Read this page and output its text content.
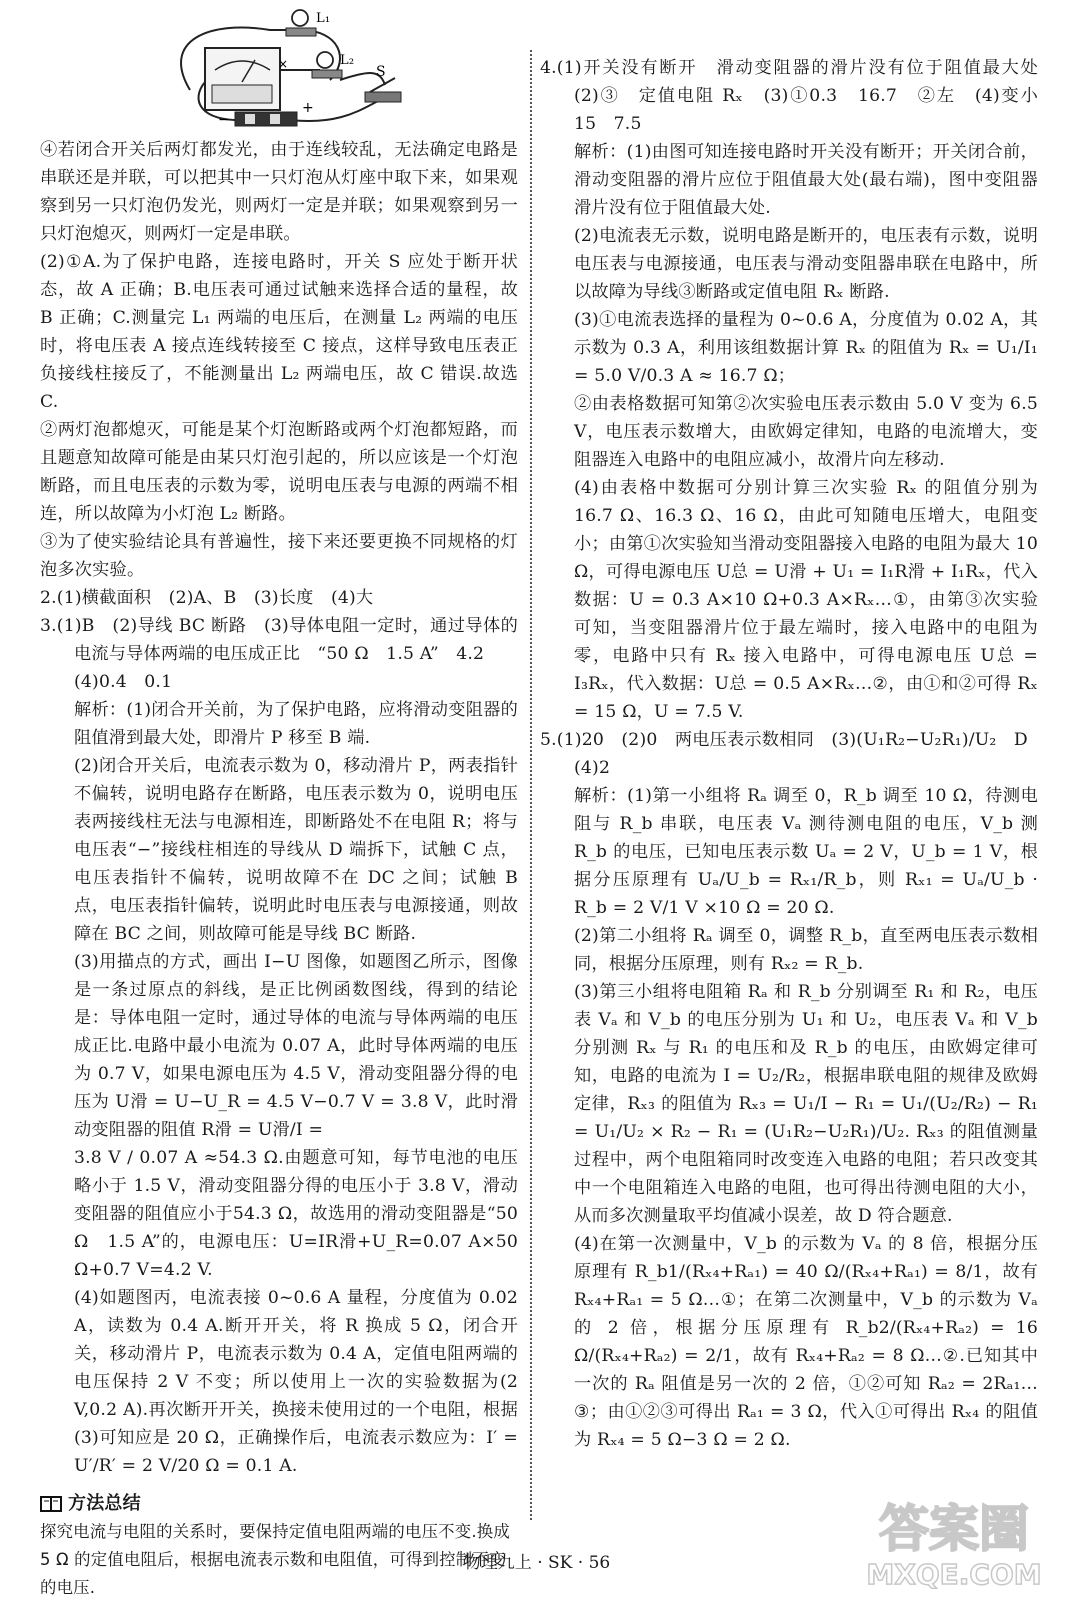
L₁
L₂
S
−
+
×

④若闭合开关后两灯都发光，由于连线较乱，无法确定电路是串联还是并联，可以把其中一只灯泡从灯座中取下来，如果观察到另一只灯泡仍发光，则两灯一定是并联；如果观察到另一只灯泡熄灭，则两灯一定是串联。

(2)①A.为了保护电路，连接电路时，开关 S 应处于断开状态，故 A 正确；B.电压表可通过试触来选择合适的量程，故 B 正确；C.测量完 L₁ 两端的电压后，在测量 L₂ 两端的电压时，将电压表 A 接点连线转接至 C 接点，这样导致电压表正负接线柱接反了，不能测量出 L₂ 两端电压，故 C 错误.故选 C.

②两灯泡都熄灭，可能是某个灯泡断路或两个灯泡都短路，而且题意知故障可能是由某只灯泡引起的，所以应该是一个灯泡断路，而且电压表的示数为零，说明电压表与电源的两端不相连，所以故障为小灯泡 L₂ 断路。

③为了使实验结论具有普遍性，接下来还要更换不同规格的灯泡多次实验。

2.(1)横截面积　(2)A、B　(3)长度　(4)大

3.(1)B　(2)导线 BC 断路　(3)导体电阻一定时，通过导体的电流与导体两端的电压成正比　“50 Ω　1.5 A”　4.2

(4)0.4　0.1

解析：(1)闭合开关前，为了保护电路，应将滑动变阻器的阻值滑到最大处，即滑片 P 移至 B 端.

(2)闭合开关后，电流表示数为 0，移动滑片 P，两表指针不偏转，说明电路存在断路，电压表示数为 0，说明电压表两接线柱无法与电源相连，即断路处不在电阻 R；将与电压表“−”接线柱相连的导线从 D 端拆下，试触 C 点，电压表指针不偏转，说明故障不在 DC 之间；试触 B 点，电压表指针偏转，说明此时电压表与电源接通，则故障在 BC 之间，则故障可能是导线 BC 断路.

(3)用描点的方式，画出 I−U 图像，如题图乙所示，图像是一条过原点的斜线，是正比例函数图线，得到的结论是：导体电阻一定时，通过导体的电流与导体两端的电压成正比.电路中最小电流为 0.07 A，此时导体两端的电压为 0.7 V，如果电源电压为 4.5 V，滑动变阻器分得的电压为 U滑 = U−U_R = 4.5 V−0.7 V = 3.8 V，此时滑动变阻器的阻值 R滑 = U滑/I =

3.8 V / 0.07 A ≈54.3 Ω.由题意可知，每节电池的电压略小于 1.5 V，滑动变阻器分得的电压小于 3.8 V，滑动变阻器的阻值应小于54.3 Ω，故选用的滑动变阻器是“50 Ω　1.5 A”的，电源电压：U=IR滑+U_R=0.07 A×50 Ω+0.7 V=4.2 V.

(4)如题图丙，电流表接 0~0.6 A 量程，分度值为 0.02 A，读数为 0.4 A.断开开关，将 R 换成 5 Ω，闭合开关，移动滑片 P，电流表示数为 0.4 A，定值电阻两端的电压保持 2 V 不变；所以使用上一次的实验数据为(2 V,0.2 A).再次断开开关，换接未使用过的一个电阻，根据(3)可知应是 20 Ω，正确操作后，电流表示数应为：I′ = U′/R′ = 2 V/20 Ω = 0.1 A.

方法总结
探究电流与电阻的关系时，要保持定值电阻两端的电压不变.换成 5 Ω 的定值电阻后，根据电流表示数和电阻值，可得到控制不变的电压.

4.(1)开关没有断开　滑动变阻器的滑片没有位于阻值最大处　(2)③　定值电阻 Rₓ　(3)①0.3　16.7　②左　(4)变小　15　7.5

解析：(1)由图可知连接电路时开关没有断开；开关闭合前，滑动变阻器的滑片应位于阻值最大处(最右端)，图中变阻器滑片没有位于阻值最大处.

(2)电流表无示数，说明电路是断开的，电压表有示数，说明电压表与电源接通，电压表与滑动变阻器串联在电路中，所以故障为导线③断路或定值电阻 Rₓ 断路.

(3)①电流表选择的量程为 0~0.6 A，分度值为 0.02 A，其示数为 0.3 A，利用该组数据计算 Rₓ 的阻值为 Rₓ = U₁/I₁ = 5.0 V/0.3 A ≈ 16.7 Ω；

②由表格数据可知第②次实验电压表示数由 5.0 V 变为 6.5 V，电压表示数增大，由欧姆定律知，电路的电流增大，变阻器连入电路中的电阻应减小，故滑片向左移动.

(4)由表格中数据可分别计算三次实验 Rₓ 的阻值分别为 16.7 Ω、16.3 Ω、16 Ω，由此可知随电压增大，电阻变小；由第①次实验知当滑动变阻器接入电路的电阻为最大 10 Ω，可得电源电压 U总 = U滑 + U₁ = I₁R滑 + I₁Rₓ，代入数据：U = 0.3 A×10 Ω+0.3 A×Rₓ…①，由第③次实验可知，当变阻器滑片位于最左端时，接入电路中的电阻为零，电路中只有 Rₓ 接入电路中，可得电源电压 U总 = I₃Rₓ，代入数据：U总 = 0.5 A×Rₓ…②，由①和②可得 Rₓ = 15 Ω，U = 7.5 V.

5.(1)20　(2)0　两电压表示数相同　(3)(U₁R₂−U₂R₁)/U₂　D

(4)2

解析：(1)第一小组将 Rₐ 调至 0，R_b 调至 10 Ω，待测电阻与 R_b 串联，电压表 Vₐ 测待测电阻的电压，V_b 测 R_b 的电压，已知电压表示数 Uₐ = 2 V，U_b = 1 V，根据分压原理有 Uₐ/U_b = Rₓ₁/R_b，则 Rₓ₁ = Uₐ/U_b · R_b = 2 V/1 V ×10 Ω = 20 Ω.

(2)第二小组将 Rₐ 调至 0，调整 R_b，直至两电压表示数相同，根据分压原理，则有 Rₓ₂ = R_b.

(3)第三小组将电阻箱 Rₐ 和 R_b 分别调至 R₁ 和 R₂，电压表 Vₐ 和 V_b 的电压分别为 U₁ 和 U₂，电压表 Vₐ 和 V_b 分别测 Rₓ 与 R₁ 的电压和及 R_b 的电压，由欧姆定律可知，电路的电流为 I = U₂/R₂，根据串联电阻的规律及欧姆定律，Rₓ₃ 的阻值为 Rₓ₃ = U₁/I − R₁ = U₁/(U₂/R₂) − R₁ = U₁/U₂ × R₂ − R₁ = (U₁R₂−U₂R₁)/U₂. Rₓ₃ 的阻值测量过程中，两个电阻箱同时改变连入电路的电阻；若只改变其中一个电阻箱连入电路的电阻，也可得出待测电阻的大小，从而多次测量取平均值减小误差，故 D 符合题意.

(4)在第一次测量中，V_b 的示数为 Vₐ 的 8 倍，根据分压原理有 R_b1/(Rₓ₄+Rₐ₁) = 40 Ω/(Rₓ₄+Rₐ₁) = 8/1，故有 Rₓ₄+Rₐ₁ = 5 Ω…①；在第二次测量中，V_b 的示数为 Vₐ 的 2 倍，根据分压原理有 R_b2/(Rₓ₄+Rₐ₂) = 16 Ω/(Rₓ₄+Rₐ₂) = 2/1，故有 Rₓ₄+Rₐ₂ = 8 Ω…②.已知其中一次的 Rₐ 阻值是另一次的 2 倍，①②可知 Rₐ₂ = 2Rₐ₁…③；由①②③可得出 Rₐ₁ = 3 Ω，代入①可得出 Rₓ₄ 的阻值为 Rₓ₄ = 5 Ω−3 Ω = 2 Ω.

物理九上 · SK · 56
答案圈
MXQE.COM
